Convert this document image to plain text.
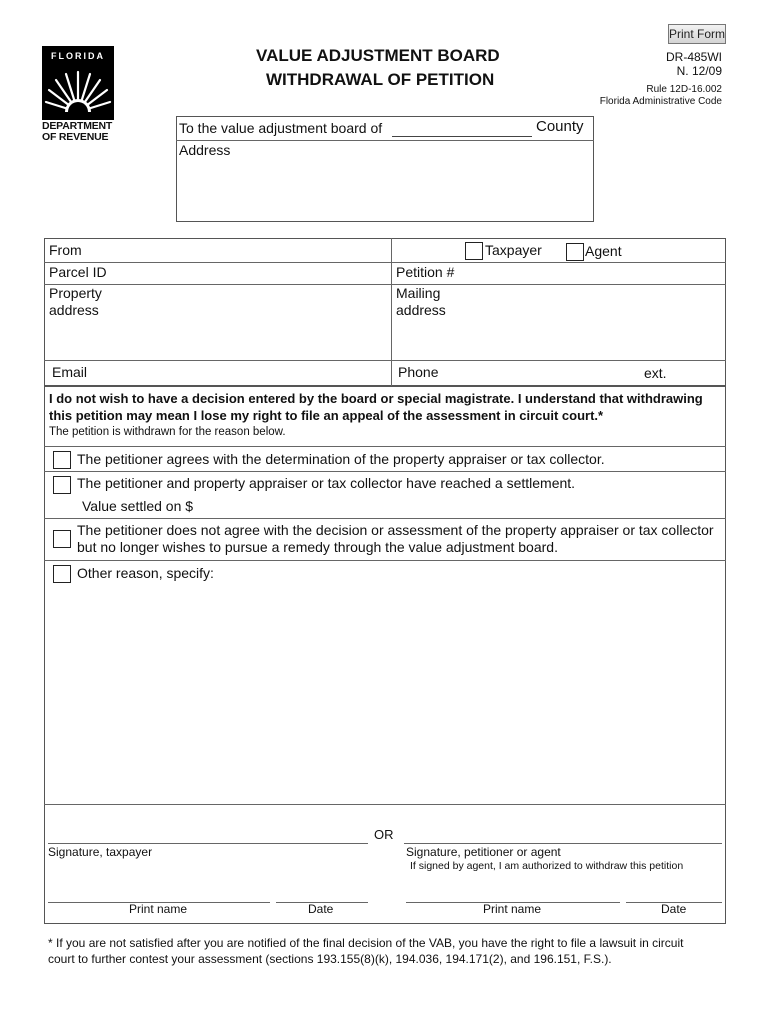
Print Form
FLORIDA
DEPARTMENT
OF REVENUE
VALUE ADJUSTMENT BOARD
WITHDRAWAL OF PETITION
DR-485WI
N. 12/09
Rule 12D-16.002
Florida Administrative Code
To the value adjustment board of	County
Address
From	Taxpayer	Agent
Parcel ID	Petition #
Property
address
Mailing
address
Email	Phone	ext.
I do not wish to have a decision entered by the board or special magistrate. I understand that withdrawing
this petition may mean I lose my right to file an appeal of the assessment in circuit court.*
The petition is withdrawn for the reason below.
The petitioner agrees with the determination of the property appraiser or tax collector.
The petitioner and property appraiser or tax collector have reached a settlement.
Value settled on $
The petitioner does not agree with the decision or assessment of the property appraiser or tax collector
but no longer wishes to pursue a remedy through the value adjustment board.
Other reason, specify:
OR
Signature, taxpayer	Signature, petitioner or agent
If signed by agent, I am authorized to withdraw this petition
Print name	Date	Print name	Date
* If you are not satisfied after you are notified of the final decision of the VAB, you have the right to file a lawsuit in circuit
court to further contest your assessment (sections 193.155(8)(k), 194.036, 194.171(2), and 196.151, F.S.).
